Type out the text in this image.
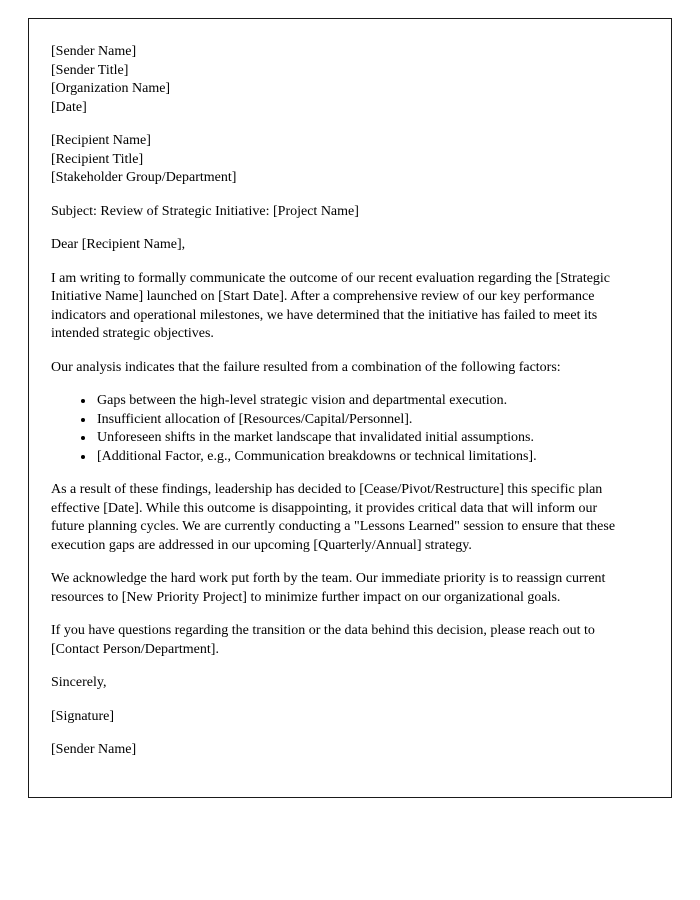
[Sender Name]
[Sender Title]
[Organization Name]
[Date]

[Recipient Name]
[Recipient Title]
[Stakeholder Group/Department]

Subject: Review of Strategic Initiative: [Project Name]

Dear [Recipient Name],

I am writing to formally communicate the outcome of our recent evaluation regarding the [Strategic Initiative Name] launched on [Start Date]. After a comprehensive review of our key performance indicators and operational milestones, we have determined that the initiative has failed to meet its intended strategic objectives.

Our analysis indicates that the failure resulted from a combination of the following factors:

• Gaps between the high-level strategic vision and departmental execution.
• Insufficient allocation of [Resources/Capital/Personnel].
• Unforeseen shifts in the market landscape that invalidated initial assumptions.
• [Additional Factor, e.g., Communication breakdowns or technical limitations].

As a result of these findings, leadership has decided to [Cease/Pivot/Restructure] this specific plan effective [Date]. While this outcome is disappointing, it provides critical data that will inform our future planning cycles. We are currently conducting a "Lessons Learned" session to ensure that these execution gaps are addressed in our upcoming [Quarterly/Annual] strategy.

We acknowledge the hard work put forth by the team. Our immediate priority is to reassign current resources to [New Priority Project] to minimize further impact on our organizational goals.

If you have questions regarding the transition or the data behind this decision, please reach out to [Contact Person/Department].

Sincerely,

[Signature]

[Sender Name]
